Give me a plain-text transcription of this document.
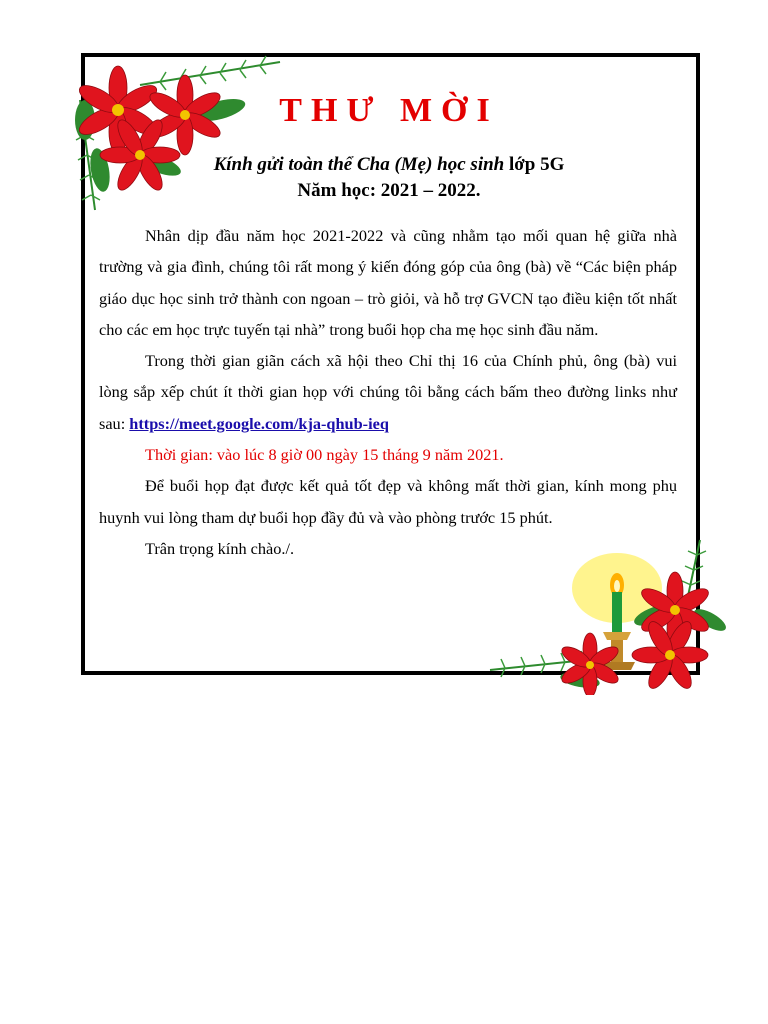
THƯ MỜI
Kính gửi toàn thể Cha (Mẹ) học sinh lớp 5G
Năm học: 2021 – 2022.

Nhân dịp đầu năm học 2021-2022 và cũng nhằm tạo mối quan hệ giữa nhà trường và gia đình, chúng tôi rất mong ý kiến đóng góp của ông (bà) về “Các biện pháp giáo dục học sinh trở thành con ngoan – trò giỏi, và hỗ trợ GVCN tạo điều kiện tốt nhất cho các em học trực tuyến tại nhà” trong buổi họp cha mẹ học sinh đầu năm.

Trong thời gian giãn cách xã hội theo Chỉ thị 16 của Chính phủ, ông (bà) vui lòng sắp xếp chút ít thời gian họp với chúng tôi bằng cách bấm theo đường links như sau: https://meet.google.com/kja-qhub-ieq

Thời gian: vào lúc 8 giờ 00 ngày 15 tháng 9 năm 2021.

Để buổi họp đạt được kết quả tốt đẹp và không mất thời gian, kính mong phụ huynh vui lòng tham dự buổi họp đầy đủ và vào phòng trước 15 phút.

Trân trọng kính chào./.
